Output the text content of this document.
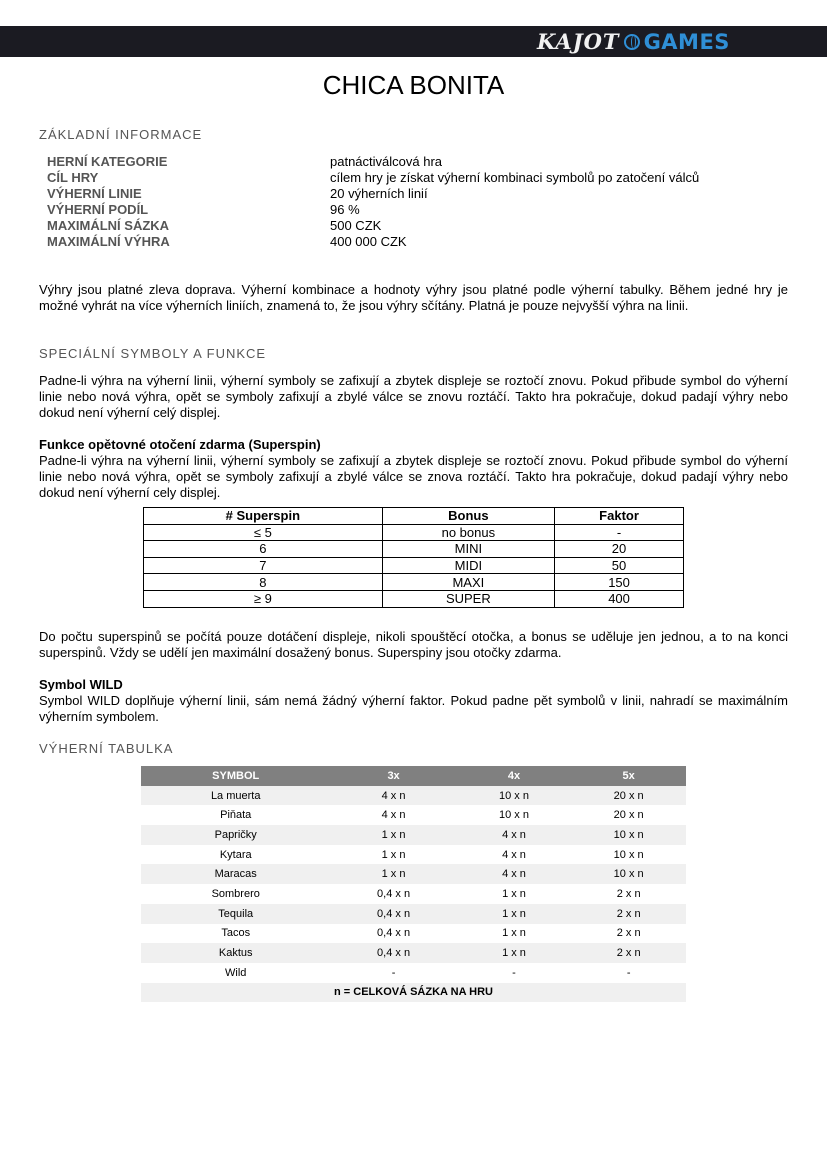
KAJOT GAMES
CHICA BONITA
ZÁKLADNÍ INFORMACE
HERNÍ KATEGORIE	patnáctiválcová hra
CÍL HRY	cílem hry je získat výherní kombinaci symbolů po zatočení válců
VÝHERNÍ LINIE	20 výherních linií
VÝHERNÍ PODÍL	96 %
MAXIMÁLNÍ SÁZKA	500 CZK
MAXIMÁLNÍ VÝHRA	400 000 CZK
Výhry jsou platné zleva doprava. Výherní kombinace a hodnoty výhry jsou platné podle výherní tabulky. Během jedné hry je možné vyhrát na více výherních liniích, znamená to, že jsou výhry sčítány. Platná je pouze nejvyšší výhra na linii.
SPECIÁLNÍ SYMBOLY A FUNKCE
Padne-li výhra na výherní linii, výherní symboly se zafixují a zbytek displeje se roztočí znovu. Pokud přibude symbol do výherní linie nebo nová výhra, opět se symboly zafixují a zbylé válce se znovu roztáčí. Takto hra pokračuje, dokud padají výhry nebo dokud není výherní celý displej.
Funkce opětovné otočení zdarma (Superspin)
Padne-li výhra na výherní linii, výherní symboly se zafixují a zbytek displeje se roztočí znovu. Pokud přibude symbol do výherní linie nebo nová výhra, opět se symboly zafixují a zbylé válce se znova roztáčí. Takto hra pokračuje, dokud padají výhry nebo dokud není výherní cely displej.
# Superspin	Bonus	Faktor
≤ 5	no bonus	-
6	MINI	20
7	MIDI	50
8	MAXI	150
≥ 9	SUPER	400
Do počtu superspinů se počítá pouze dotáčení displeje, nikoli spouštěcí otočka, a bonus se uděluje jen jednou, a to na konci superspinů. Vždy se udělí jen maximální dosažený bonus. Superspiny jsou otočky zdarma.
Symbol WILD
Symbol WILD doplňuje výherní linii, sám nemá žádný výherní faktor. Pokud padne pět symbolů v linii, nahradí se maximálním výherním symbolem.
VÝHERNÍ TABULKA
SYMBOL	3x	4x	5x
La muerta	4 x n	10 x n	20 x n
Piňata	4 x n	10 x n	20 x n
Papričky	1 x n	4 x n	10 x n
Kytara	1 x n	4 x n	10 x n
Maracas	1 x n	4 x n	10 x n
Sombrero	0,4 x n	1 x n	2 x n
Tequila	0,4 x n	1 x n	2 x n
Tacos	0,4 x n	1 x n	2 x n
Kaktus	0,4 x n	1 x n	2 x n
Wild	-	-	-
n = CELKOVÁ SÁZKA NA HRU			
